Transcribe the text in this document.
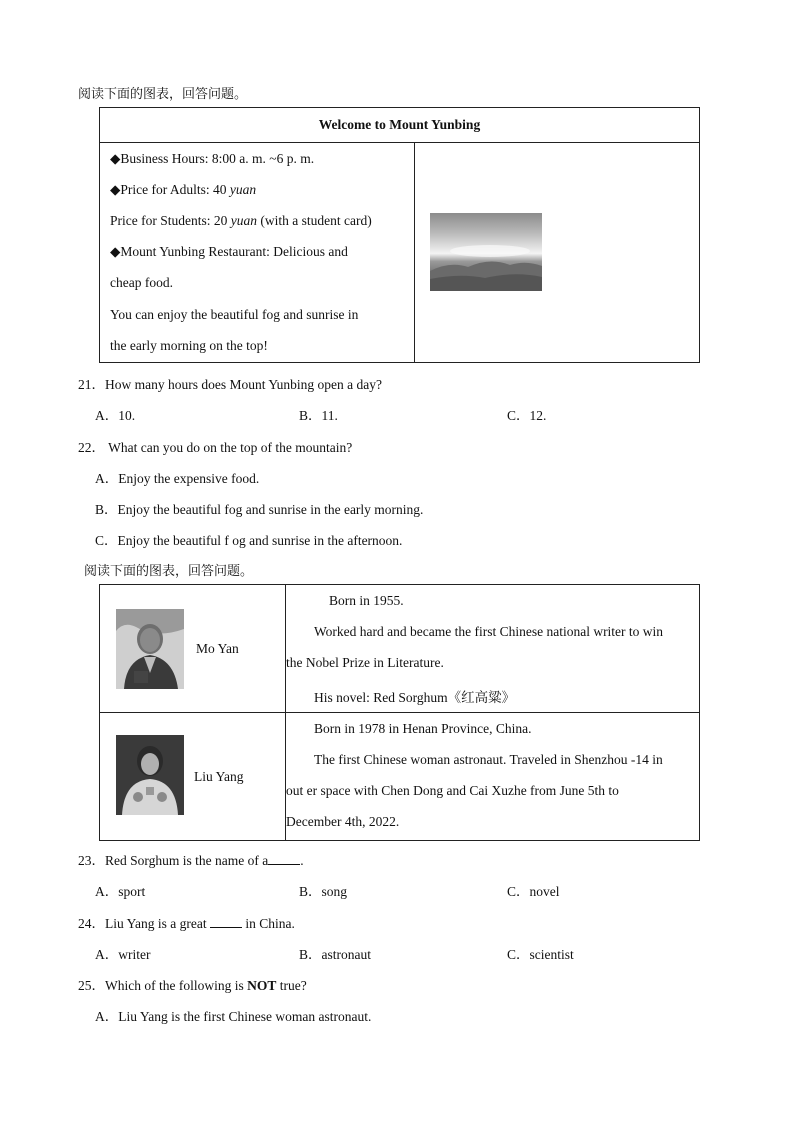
阅读下面的图表，回答问题。
Welcome to Mount Yunbing

◆Business Hours: 8:00 a. m. ~6 p. m.
◆Price for Adults: 40 yuan
Price for Students: 20 yuan (with a student card)
◆Mount Yunbing Restaurant: Delicious and
cheap food.
You can enjoy the beautiful fog and sunrise in
the early morning on the top!

21．How many hours does Mount Yunbing open a day?
A．10.	B．11.	C．12.
22． What can you do on the top of the mountain?
A．Enjoy the expensive food.
B．Enjoy the beautiful fog and sunrise in the early morning.
C．Enjoy the beautiful f og and sunrise in the afternoon.
阅读下面的图表，回答问题。
Mo Yan	Born in 1955.
Worked hard and became the first Chinese national writer to win
the Nobel Prize in Literature.
His novel: Red Sorghum《红高粱》

Liu Yang	Born in 1978 in Henan Province, China.
The first Chinese woman astronaut. Traveled in Shenzhou -14 in
out er space with Chen Dong and Cai Xuzhe from June 5th to
December 4th, 2022.
23．Red Sorghum is the name of a .
A．sport	B．song	C．novel
24．Liu Yang is a great  in China.
A．writer	B．astronaut	C．scientist
25．Which of the following is NOT true?
A．Liu Yang is the first Chinese woman astronaut.
